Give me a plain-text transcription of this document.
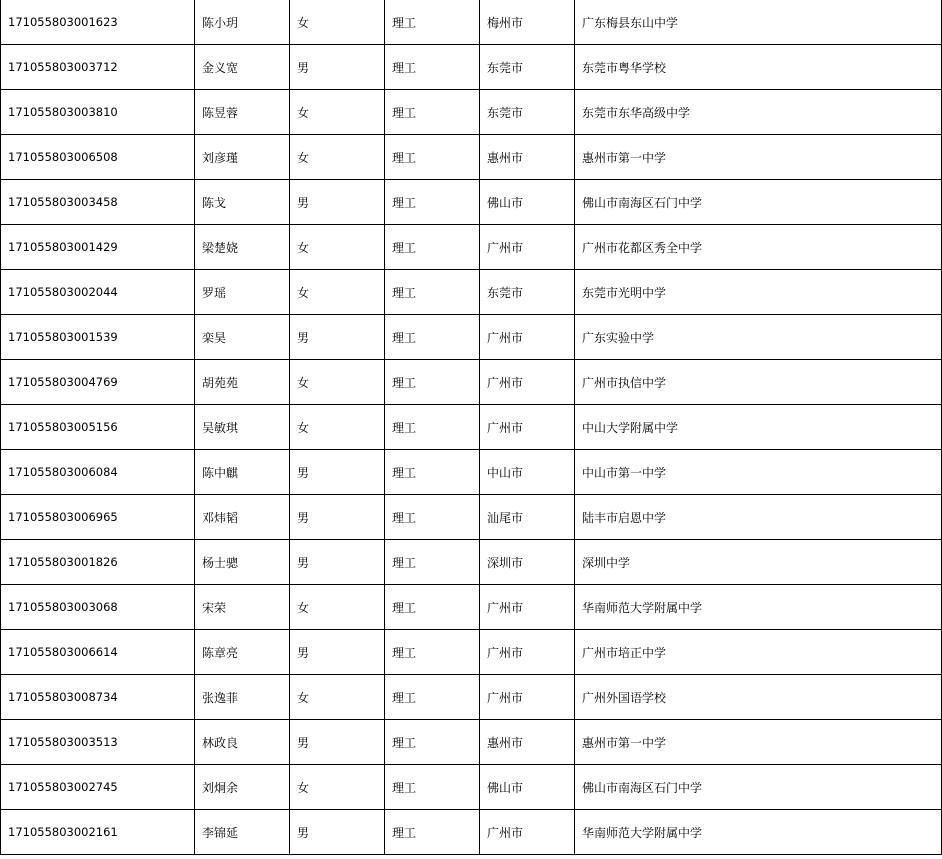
171055803001623	陈小玥	女	理工	梅州市	广东梅县东山中学
171055803003712	金义宽	男	理工	东莞市	东莞市粤华学校
171055803003810	陈昱蓉	女	理工	东莞市	东莞市东华高级中学
171055803006508	刘彦瑾	女	理工	惠州市	惠州市第一中学
171055803003458	陈戈	男	理工	佛山市	佛山市南海区石门中学
171055803001429	梁楚娆	女	理工	广州市	广州市花都区秀全中学
171055803002044	罗瑶	女	理工	东莞市	东莞市光明中学
171055803001539	栾昊	男	理工	广州市	广东实验中学
171055803004769	胡苑苑	女	理工	广州市	广州市执信中学
171055803005156	吴敏琪	女	理工	广州市	中山大学附属中学
171055803006084	陈中麒	男	理工	中山市	中山市第一中学
171055803006965	邓炜韬	男	理工	汕尾市	陆丰市启恩中学
171055803001826	杨士骢	男	理工	深圳市	深圳中学
171055803003068	宋荣	女	理工	广州市	华南师范大学附属中学
171055803006614	陈章亮	男	理工	广州市	广州市培正中学
171055803008734	张逸菲	女	理工	广州市	广州外国语学校
171055803003513	林政良	男	理工	惠州市	惠州市第一中学
171055803002745	刘炯余	女	理工	佛山市	佛山市南海区石门中学
171055803002161	李锦延	男	理工	广州市	华南师范大学附属中学
